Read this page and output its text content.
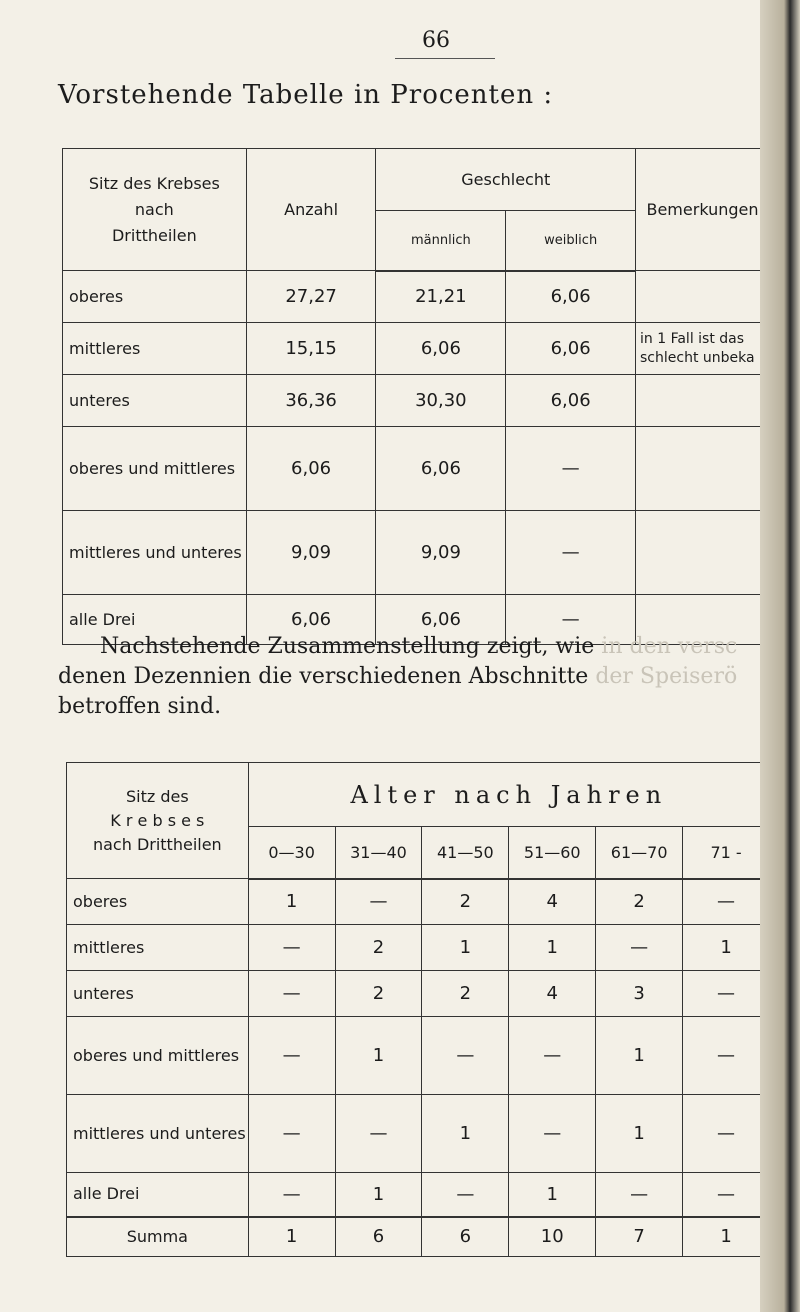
66
Vorstehende Tabelle in Procenten :
Sitz des Krebses
nach
Drittheilen	Anzahl	Geschlecht		Bemerkungen
		männlich	weiblich	
oberes	27,27	21,21	6,06	
mittleres	15,15	6,06	6,06	in 1 Fall ist das
schlecht unbeka

unteres	36,36	30,30	6,06	
oberes und mittleres	6,06	6,06	—	
mittleres und unteres	9,09	9,09	—	
alle Drei	6,06	6,06	—	
Nachstehende Zusammenstellung zeigt, wie in den versc denen Dezennien die verschiedenen Abschnitte der Speiserö betroffen sind.
Sitz des
K r e b s e s
nach Drittheilen	Alter nach Jahren					
	0—30	31—40	41—50	51—60	61—70	71 -
oberes	1	—	2	4	2	—
mittleres	—	2	1	1	—	1
unteres	—	2	2	4	3	—
oberes und mittleres	—	1	—	—	1	—
mittleres und unteres	—	—	1	—	1	—
alle Drei	—	1	—	1	—	—
Summa	1	6	6	10	7	1
